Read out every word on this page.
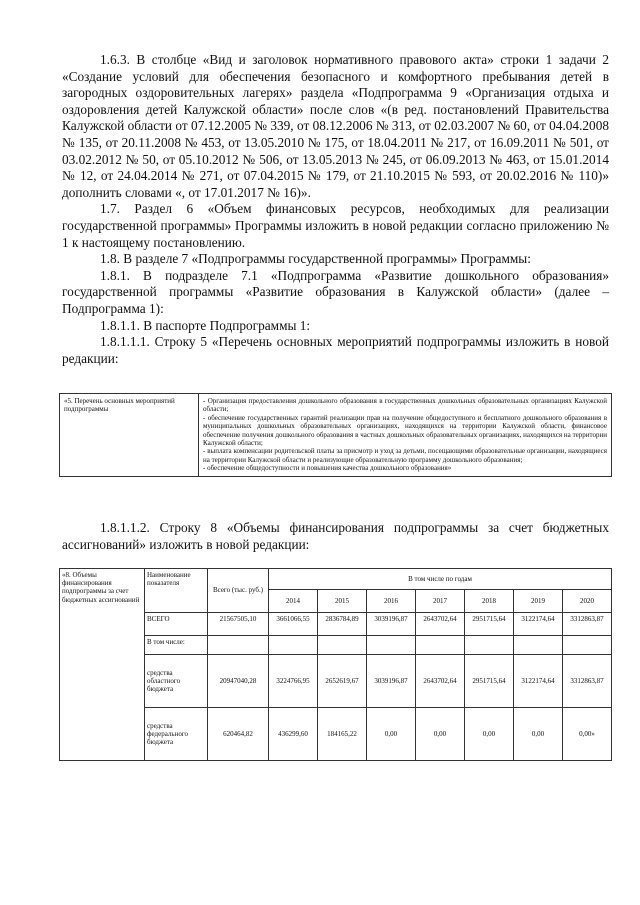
1.6.3. В столбце «Вид и заголовок нормативного правового акта» строки 1 задачи 2 «Создание условий для обеспечения безопасного и комфортного пребывания детей в загородных оздоровительных лагерях» раздела «Подпрограмма 9 «Организация отдыха и оздоровления детей Калужской области» после слов «(в ред. постановлений Правительства Калужской области от 07.12.2005 № 339, от 08.12.2006 № 313, от 02.03.2007 № 60, от 04.04.2008 № 135, от 20.11.2008 № 453, от 13.05.2010 № 175, от 18.04.2011 № 217, от 16.09.2011 № 501, от 03.02.2012 № 50, от 05.10.2012 № 506, от 13.05.2013 № 245, от 06.09.2013 № 463, от 15.01.2014 № 12, от 24.04.2014 № 271, от 07.04.2015 № 179, от 21.10.2015 № 593, от 20.02.2016 № 110)» дополнить словами «, от 17.01.2017 № 16)».

1.7. Раздел 6 «Объем финансовых ресурсов, необходимых для реализации государственной программы» Программы изложить в новой редакции согласно приложению № 1 к настоящему постановлению.

1.8. В разделе 7 «Подпрограммы государственной программы» Программы:

1.8.1. В подразделе 7.1 «Подпрограмма «Развитие дошкольного образования» государственной программы «Развитие образования в Калужской области» (далее – Подпрограмма 1):

1.8.1.1. В паспорте Подпрограммы 1:

1.8.1.1.1. Строку 5 «Перечень основных мероприятий подпрограммы изложить в новой редакции:

«5. Перечень основных мероприятий подпрограммы	
- Организация предоставления дошкольного образования в государственных дошкольных образовательных организациях Калужской области;
- обеспечение государственных гарантий реализации прав на получение общедоступного и бесплатного дошкольного образования в муниципальных дошкольных образовательных организациях, находящихся на территории Калужской области, финансовое обеспечение получения дошкольного образования в частных дошкольных образовательных организациях, находящихся на территории Калужской области;
- выплата компенсации родительской платы за присмотр и уход за детьми, посещающими образовательные организации, находящиеся на территории Калужской области и реализующие образовательную программу дошкольного образования;
- обеспечение общедоступности и повышения качества дошкольного образования»

1.8.1.1.2. Строку 8 «Объемы финансирования подпрограммы за счет бюджетных ассигнований» изложить в новой редакции:

«8. Объемы финансирования подпрограммы за счет бюджетных ассигнований	Наименование показателя	Всего (тыс. руб.)	В том числе по годам						
			2014	2015	2016	2017	2018	2019	2020
	ВСЕГО	21567505,10	3661066,55	2836784,89	3039196,87	2643702,64	2951715,64	3122174,64	3312863,87
	В том числе:								
	средства областного бюджета	20947040,28	3224766,95	2652619,67	3039196,87	2643702,64	2951715,64	3122174,64	3312863,87
	средства федерального бюджета	620464,82	436299,60	184165,22	0,00	0,00	0,00	0,00	0,00»
